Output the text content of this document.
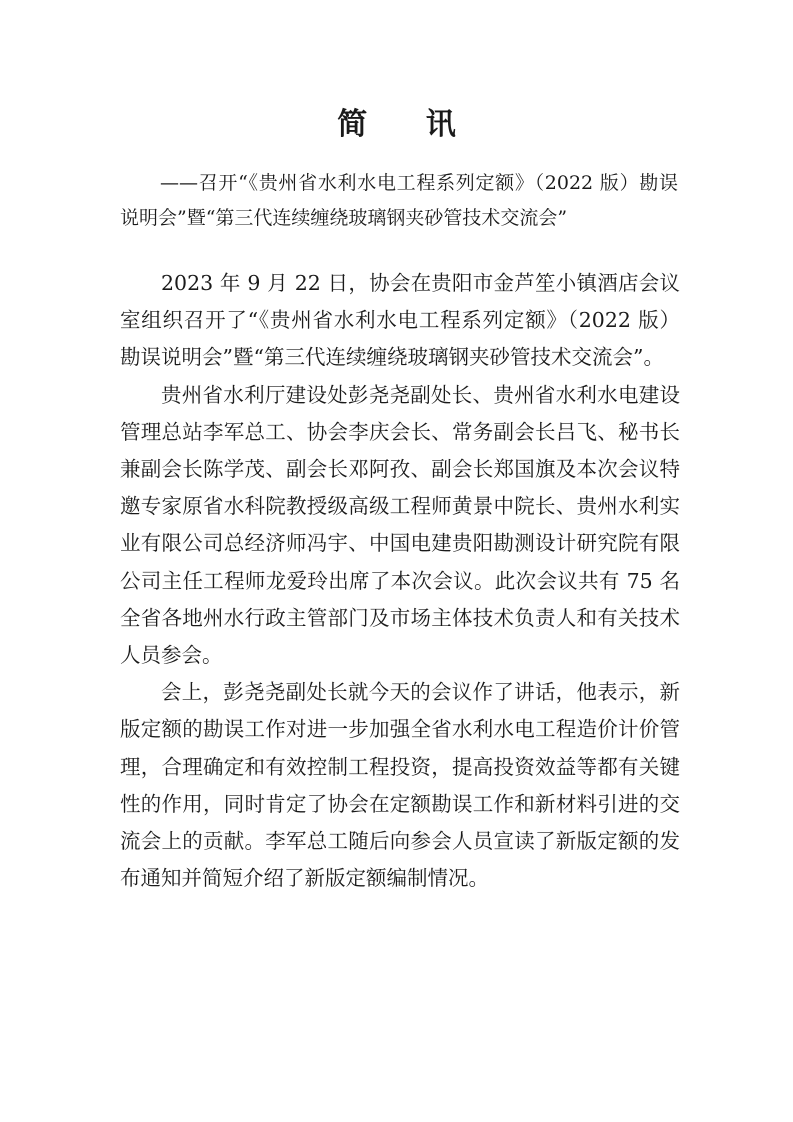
简 讯
——召开“《贵州省水利水电工程系列定额》（2022 版）勘误说明会”暨“第三代连续缠绕玻璃钢夹砂管技术交流会”

2023 年 9 月 22 日，协会在贵阳市金芦笙小镇酒店会议室组织召开了“《贵州省水利水电工程系列定额》（2022 版）勘误说明会”暨“第三代连续缠绕玻璃钢夹砂管技术交流会”。

贵州省水利厅建设处彭尧尧副处长、贵州省水利水电建设管理总站李军总工、协会李庆会长、常务副会长吕飞、秘书长兼副会长陈学茂、副会长邓阿孜、副会长郑国旗及本次会议特邀专家原省水科院教授级高级工程师黄景中院长、贵州水利实业有限公司总经济师冯宇、中国电建贵阳勘测设计研究院有限公司主任工程师龙爱玲出席了本次会议。此次会议共有 75 名全省各地州水行政主管部门及市场主体技术负责人和有关技术人员参会。

会上，彭尧尧副处长就今天的会议作了讲话，他表示，新版定额的勘误工作对进一步加强全省水利水电工程造价计价管理，合理确定和有效控制工程投资，提高投资效益等都有关键性的作用，同时肯定了协会在定额勘误工作和新材料引进的交流会上的贡献。李军总工随后向参会人员宣读了新版定额的发布通知并简短介绍了新版定额编制情况。
